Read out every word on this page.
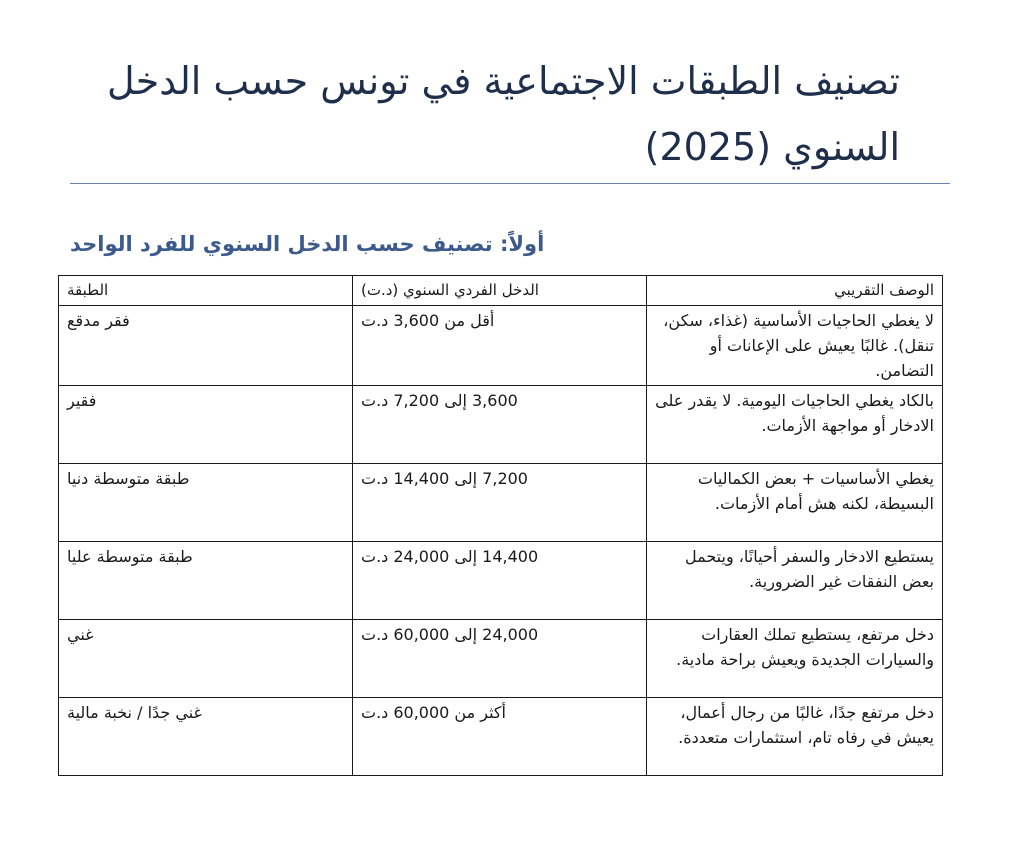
تصنيف الطبقات الاجتماعية في تونس حسب الدخل السنوي (2025)
أولاً: تصنيف حسب الدخل السنوي للفرد الواحد
الطبقة	الدخل الفردي السنوي (د.ت)	الوصف التقريبي
فقر مدقع	أقل من 3,600 د.ت	لا يغطي الحاجيات الأساسية (غذاء، سكن، تنقل). غالبًا يعيش على الإعانات أو التضامن.
فقير	3,600 إلى 7,200 د.ت	بالكاد يغطي الحاجيات اليومية. لا يقدر على الادخار أو مواجهة الأزمات.
طبقة متوسطة دنيا	7,200 إلى 14,400 د.ت	يغطي الأساسيات + بعض الكماليات البسيطة، لكنه هش أمام الأزمات.
طبقة متوسطة عليا	14,400 إلى 24,000 د.ت	يستطيع الادخار والسفر أحيانًا، ويتحمل بعض النفقات غير الضرورية.
غني	24,000 إلى 60,000 د.ت	دخل مرتفع، يستطيع تملك العقارات والسيارات الجديدة ويعيش براحة مادية.
غني جدًا / نخبة مالية	أكثر من 60,000 د.ت	دخل مرتفع جدًا، غالبًا من رجال أعمال، يعيش في رفاه تام، استثمارات متعددة.
